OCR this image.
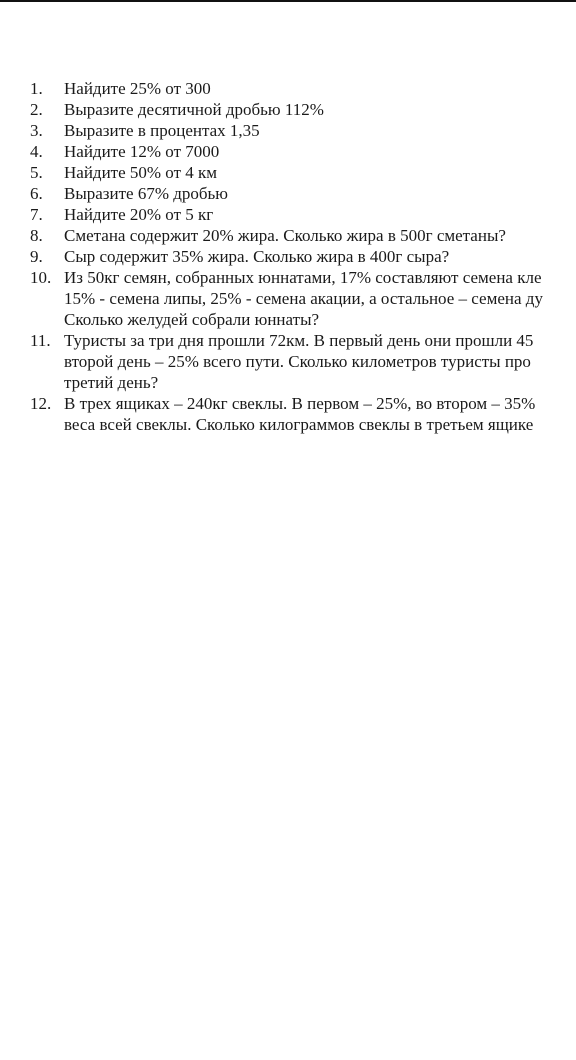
1. Найдите 25% от 300
2. Выразите десятичной дробью 112%
3. Выразите в процентах 1,35
4. Найдите 12% от 7000
5. Найдите 50% от 4 км
6. Выразите 67% дробью
7. Найдите 20% от 5 кг
8. Сметана содержит 20% жира. Сколько жира в 500г сметаны?
9. Сыр содержит 35% жира. Сколько жира в 400г сыра?
10. Из 50кг семян, собранных юннатами, 17% составляют семена кле
15% - семена липы, 25% - семена акации, а остальное – семена ду
Сколько желудей собрали юннаты?
11. Туристы за три дня прошли 72км. В первый день они прошли 45
второй день – 25% всего пути. Сколько километров туристы про
третий день?
12. В трех ящиках – 240кг свеклы. В первом – 25%, во втором – 35%
веса всей свеклы. Сколько килограммов свеклы в третьем ящике
